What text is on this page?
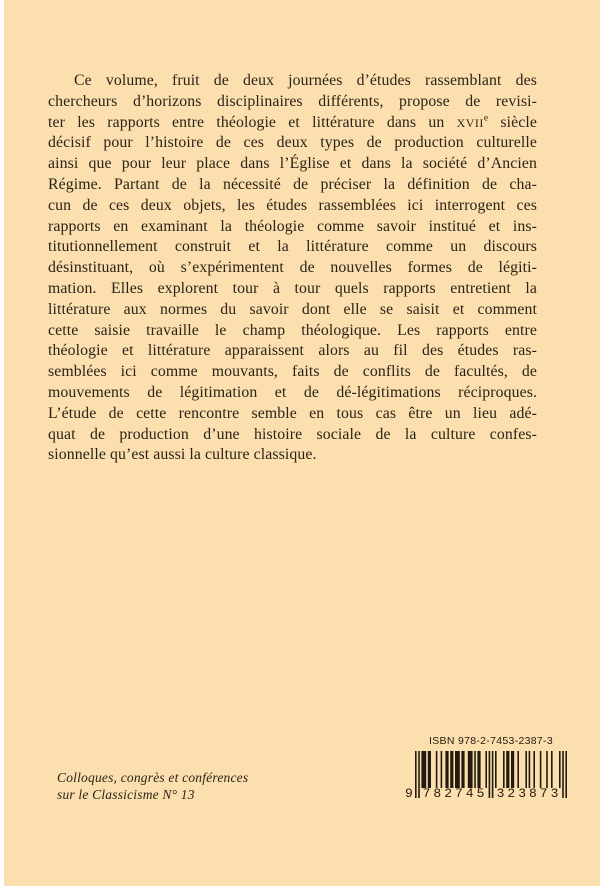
Ce volume, fruit de deux journées d’études rassemblant des
chercheurs d’horizons disciplinaires différents, propose de revisi-
ter les rapports entre théologie et littérature dans un XVIIe siècle
décisif pour l’histoire de ces deux types de production culturelle
ainsi que pour leur place dans l’Église et dans la société d’Ancien
Régime. Partant de la nécessité de préciser la définition de cha-
cun de ces deux objets, les études rassemblées ici interrogent ces
rapports en examinant la théologie comme savoir institué et ins-
titutionnellement construit et la littérature comme un discours
désinstituant, où s’expérimentent de nouvelles formes de légiti-
mation. Elles explorent tour à tour quels rapports entretient la
littérature aux normes du savoir dont elle se saisit et comment
cette saisie travaille le champ théologique. Les rapports entre
théologie et littérature apparaissent alors au fil des études ras-
semblées ici comme mouvants, faits de conflits de facultés, de
mouvements de légitimation et de dé-légitimations réciproques.
L’étude de cette rencontre semble en tous cas être un lieu adé-
quat de production d’une histoire sociale de la culture confes-
sionnelle qu’est aussi la culture classique.
Colloques, congrès et conférences
sur le Classicisme N° 13
ISBN 978-2-7453-2387-3
9 782745 323873
